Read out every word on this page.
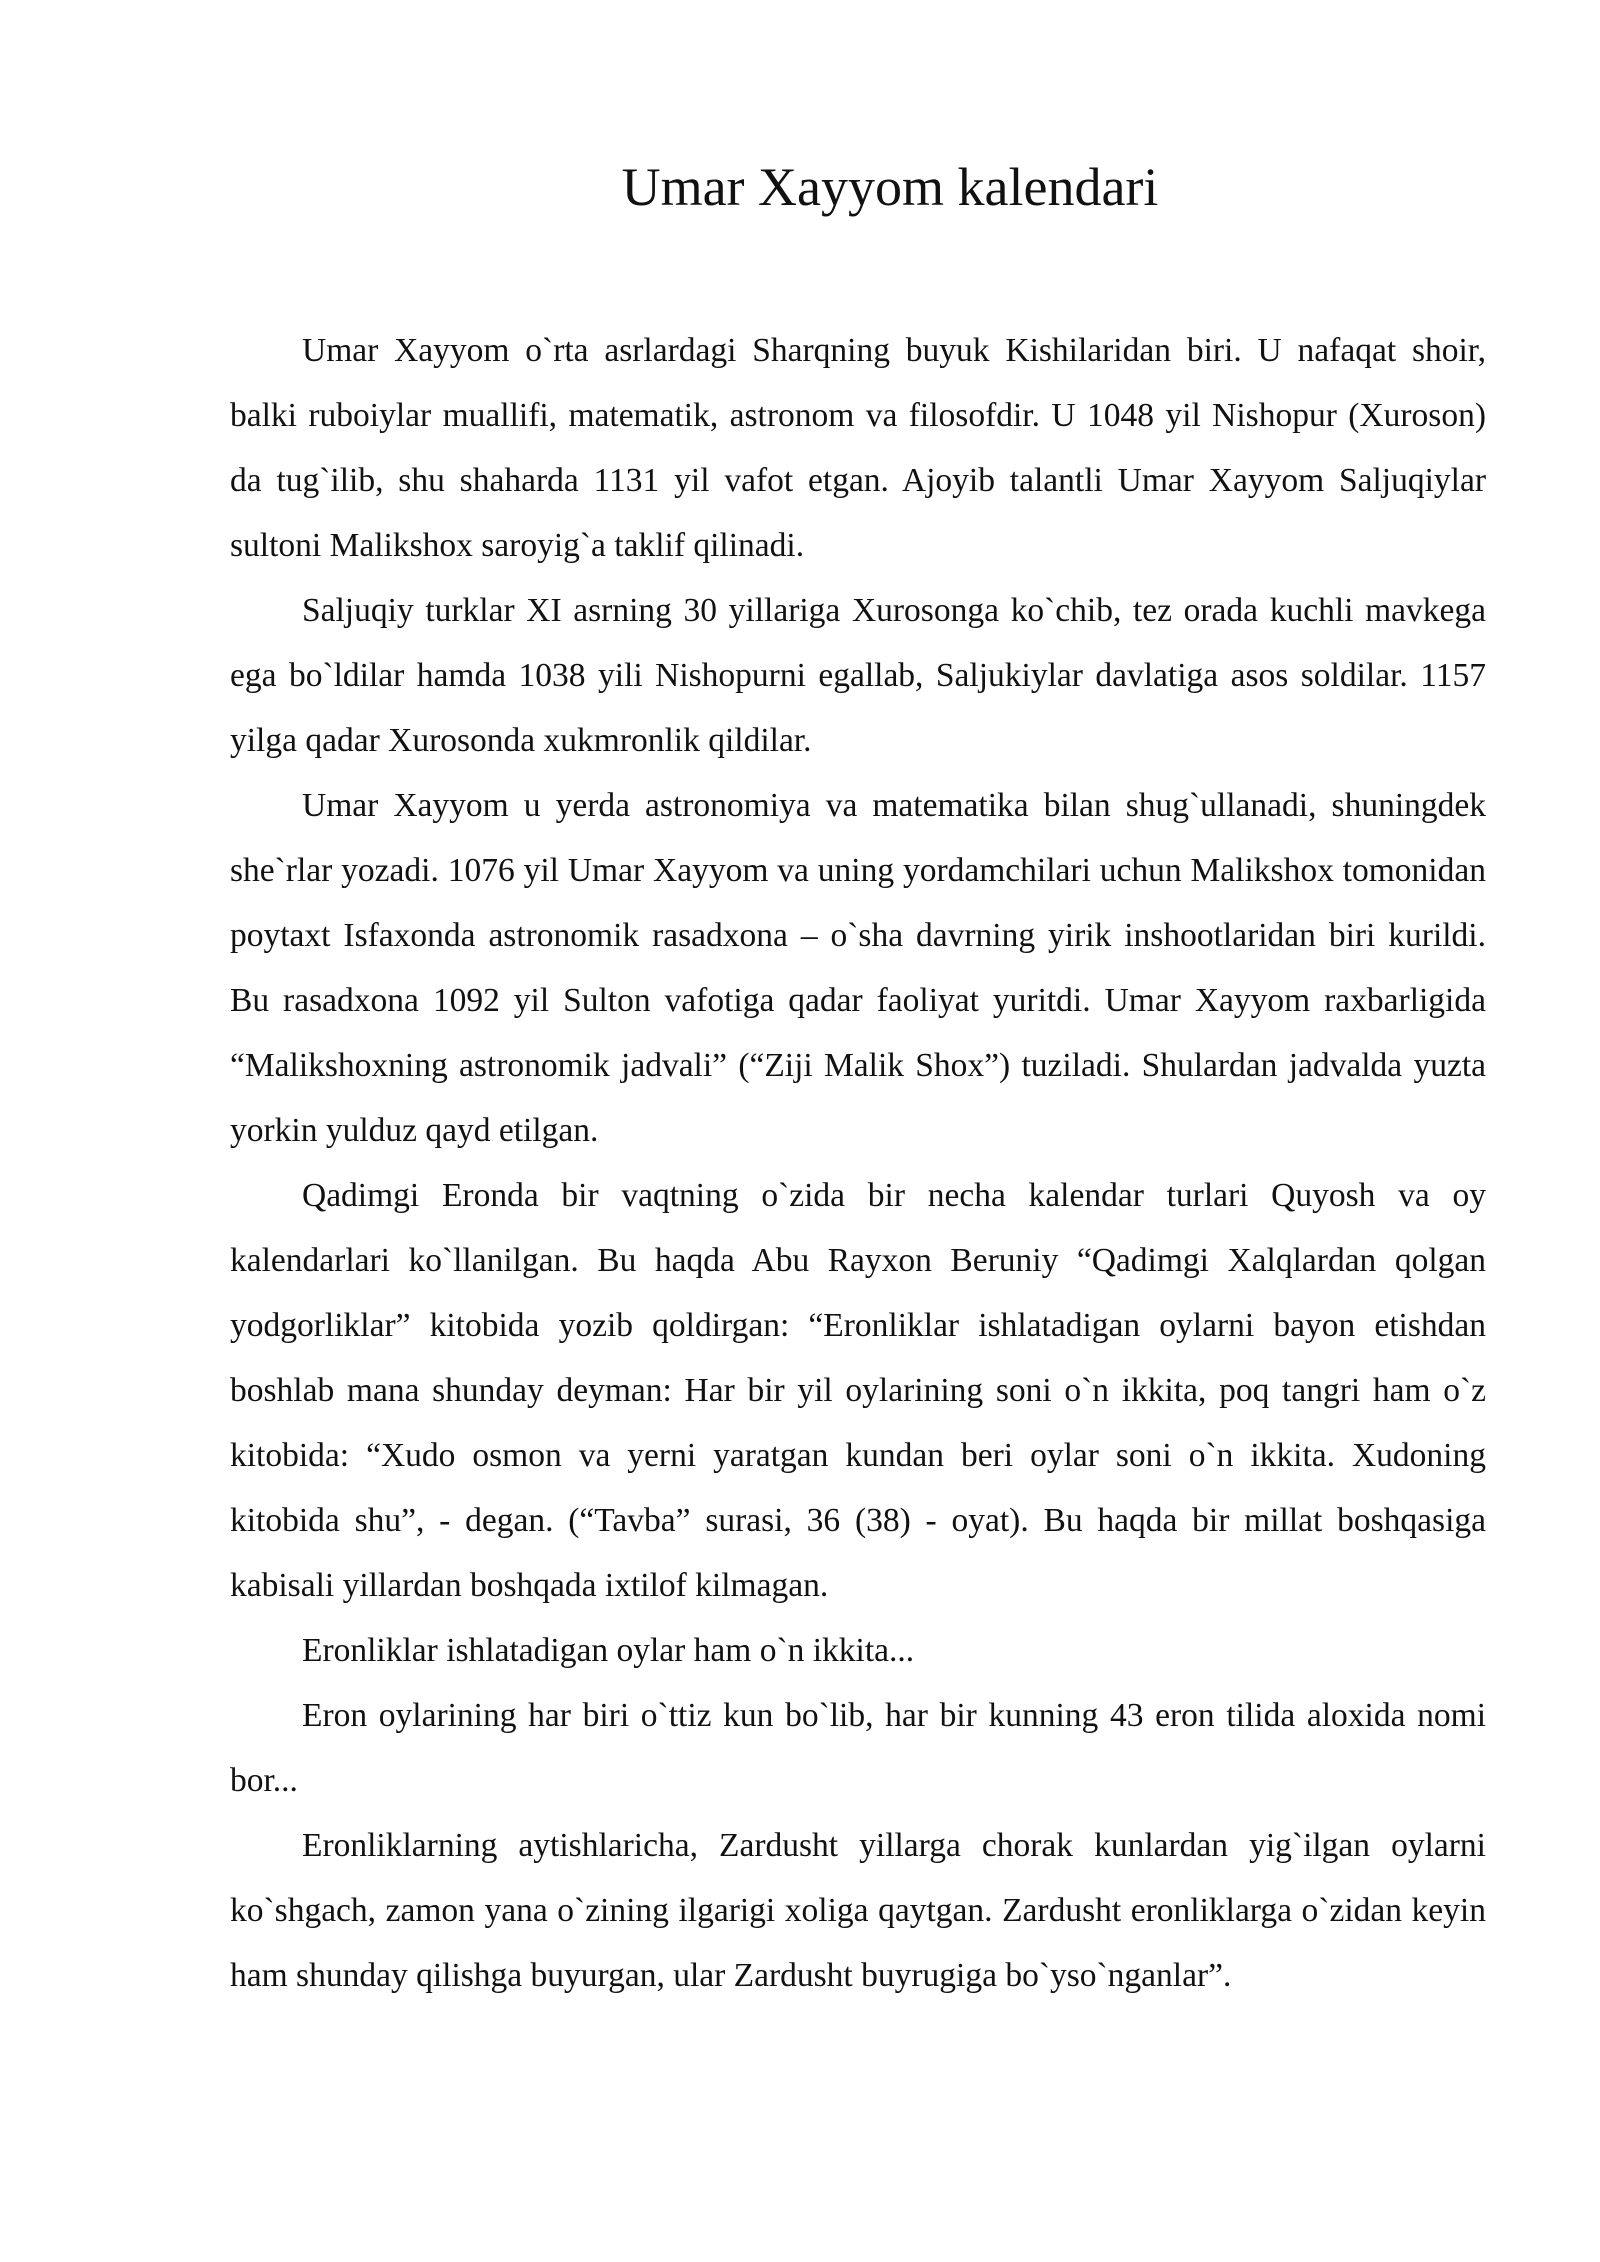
Umar Xayyom kalendari

Umar Xayyom o`rta asrlardagi Sharqning buyuk Kishilaridan biri. U nafaqat shoir, balki ruboiylar muallifi, matematik, astronom va filosofdir. U 1048 yil Nishopur (Xuroson) da tug`ilib, shu shaharda 1131 yil vafot etgan. Ajoyib talantli Umar Xayyom Saljuqiylar sultoni Malikshox saroyig`a taklif qilinadi.

Saljuqiy turklar XI asrning 30 yillariga Xurosonga ko`chib, tez orada kuchli mavkega ega bo`ldilar hamda 1038 yili Nishopurni egallab, Saljukiylar davlatiga asos soldilar. 1157 yilga qadar Xurosonda xukmronlik qildilar.

Umar Xayyom u yerda astronomiya va matematika bilan shug`ullanadi, shuningdek she`rlar yozadi. 1076 yil Umar Xayyom va uning yordamchilari uchun Malikshox tomonidan poytaxt Isfaxonda astronomik rasadxona – o`sha davrning yirik inshootlaridan biri kurildi. Bu rasadxona 1092 yil Sulton vafotiga qadar faoliyat yuritdi. Umar Xayyom raxbarligida “Malikshoxning astronomik jadvali” (“Ziji Malik Shox”) tuziladi. Shulardan jadvalda yuzta yorkin yulduz qayd etilgan.

Qadimgi Eronda bir vaqtning o`zida bir necha kalendar turlari Quyosh va oy kalendarlari ko`llanilgan. Bu haqda Abu Rayxon Beruniy “Qadimgi Xalqlardan qolgan yodgorliklar” kitobida yozib qoldirgan: “Eronliklar ishlatadigan oylarni bayon etishdan boshlab mana shunday deyman: Har bir yil oylarining soni o`n ikkita, poq tangri ham o`z kitobida: “Xudo osmon va yerni yaratgan kundan beri oylar soni o`n ikkita. Xudoning kitobida shu”, - degan. (“Tavba” surasi, 36 (38) - oyat). Bu haqda bir millat boshqasiga kabisali yillardan boshqada ixtilof kilmagan.

Eronliklar ishlatadigan oylar ham o`n ikkita...

Eron oylarining har biri o`ttiz kun bo`lib, har bir kunning 43 eron tilida aloxida nomi bor...

Eronliklarning aytishlaricha, Zardusht yillarga chorak kunlardan yig`ilgan oylarni ko`shgach, zamon yana o`zining ilgarigi xoliga qaytgan. Zardusht eronliklarga o`zidan keyin ham shunday qilishga buyurgan, ular Zardusht buyrugiga bo`yso`nganlar”.
